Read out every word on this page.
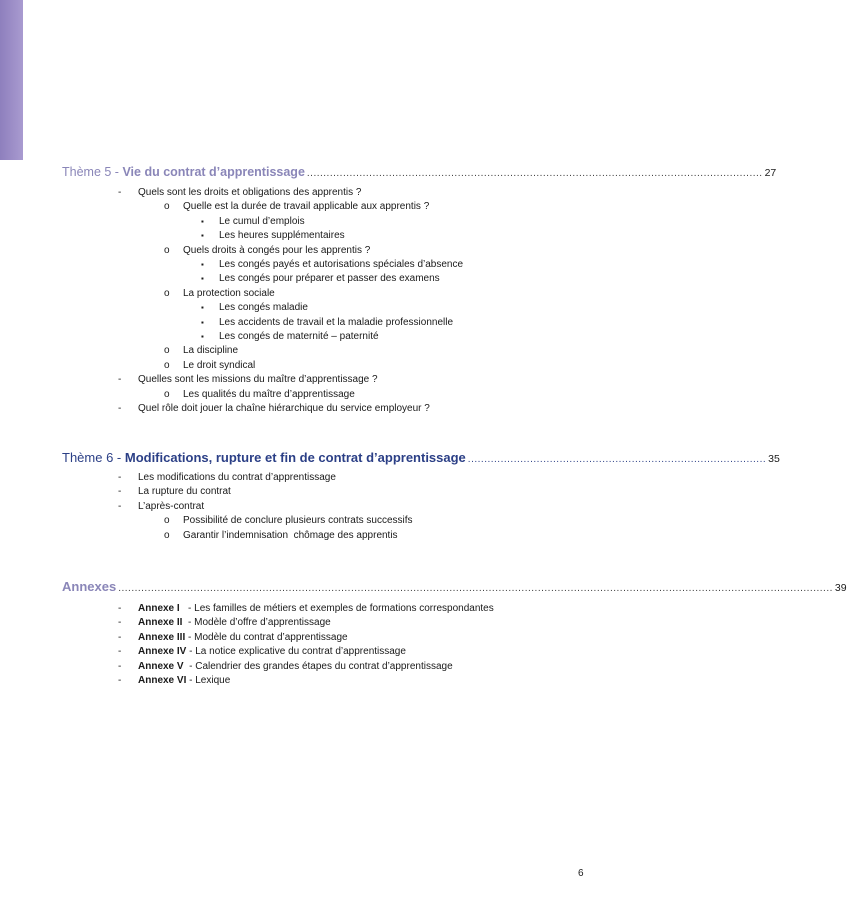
Thème 5 - Vie du contrat d’apprentissage ........................................................................................................................................... 27
- Quels sont les droits et obligations des apprentis ?
o Quelle est la durée de travail applicable aux apprentis ?
▪ Le cumul d’emplois
▪ Les heures supplémentaires
o Quels droits à congés pour les apprentis ?
▪ Les congés payés et autorisations spéciales d’absence
▪ Les congés pour préparer et passer des examens
o La protection sociale
▪ Les congés maladie
▪ Les accidents de travail et la maladie professionnelle
▪ Les congés de maternité – paternité
o La discipline
o Le droit syndical
- Quelles sont les missions du maître d’apprentissage ?
o Les qualités du maître d’apprentissage
- Quel rôle doit jouer la chaîne hiérarchique du service employeur ?
Thème 6 - Modifications, rupture et fin de contrat d’apprentissage ........................................................................................... 35
- Les modifications du contrat d’apprentissage
- La rupture du contrat
- L’après-contrat
o Possibilité de conclure plusieurs contrats successifs
o Garantir l’indemnisation  chômage des apprentis
Annexes .......................................................................................................................................................................................................................... 39
- Annexe I   - Les familles de métiers et exemples de formations correspondantes
- Annexe II  - Modèle d’offre d’apprentissage
- Annexe III - Modèle du contrat d’apprentissage
- Annexe IV - La notice explicative du contrat d’apprentissage
- Annexe V  - Calendrier des grandes étapes du contrat d’apprentissage
- Annexe VI - Lexique
6
